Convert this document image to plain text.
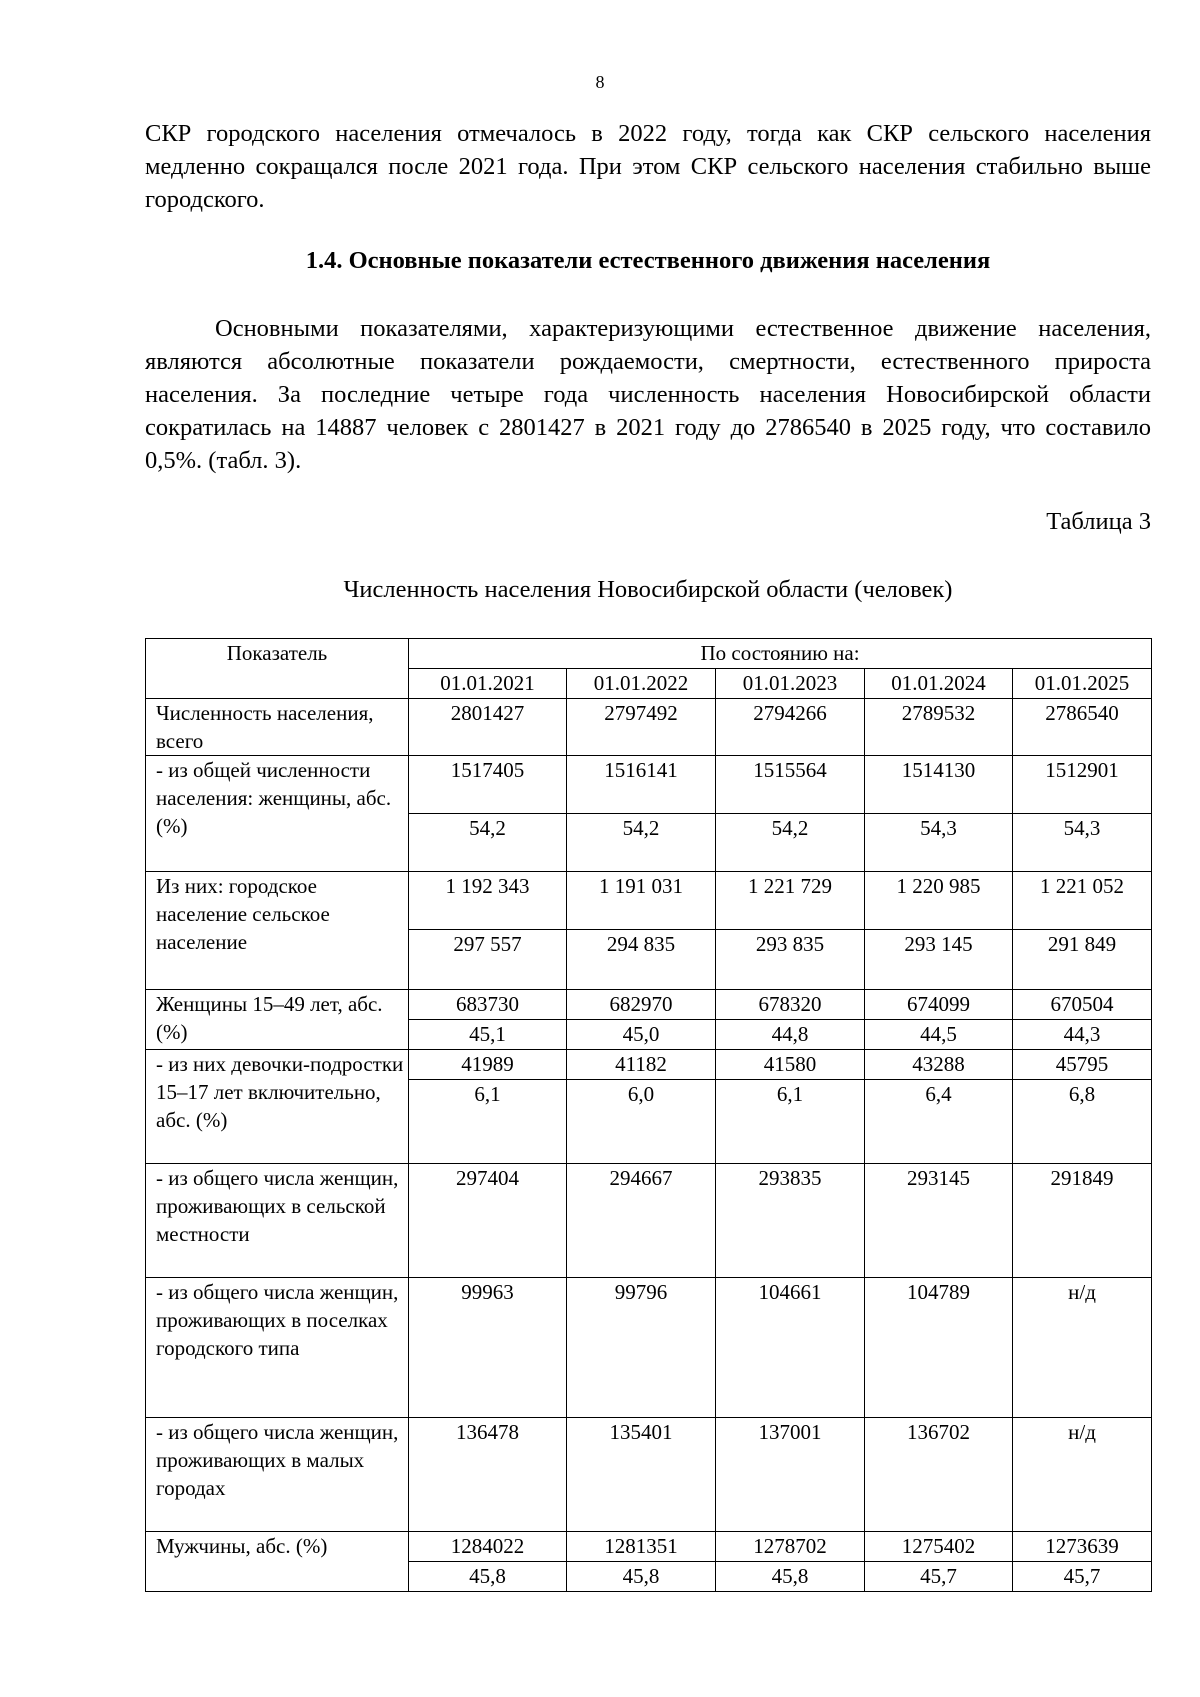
8
СКР городского населения отмечалось в 2022 году, тогда как СКР сельского населения медленно сокращался после 2021 года. При этом СКР сельского населения стабильно выше городского.
1.4. Основные показатели естественного движения населения
Основными показателями, характеризующими естественное движение населения, являются абсолютные показатели рождаемости, смертности, естественного прироста населения. За последние четыре года численность населения Новосибирской области сократилась на 14887 человек с 2801427 в 2021 году до 2786540 в 2025 году, что составило 0,5%. (табл. 3).
Таблица 3
Численность населения Новосибирской области (человек)
Показатель	По состоянию на:				
	01.01.2021	01.01.2022	01.01.2023	01.01.2024	01.01.2025
Численность населения, всего	2801427	2797492	2794266	2789532	2786540
- из общей численности населения: женщины, абс. (%)	1517405	1516141	1515564	1514130	1512901
	54,2	54,2	54,2	54,3	54,3
Из них: городское население сельское население	1 192 343	1 191 031	1 221 729	1 220 985	1 221 052
	297 557	294 835	293 835	293 145	291 849
Женщины 15–49 лет, абс. (%)	683730	682970	678320	674099	670504
	45,1	45,0	44,8	44,5	44,3
- из них девочки-подростки 15–17 лет включительно, абс. (%)	41989	41182	41580	43288	45795
	6,1	6,0	6,1	6,4	6,8
- из общего числа женщин, проживающих в сельской местности	297404	294667	293835	293145	291849
- из общего числа женщин, проживающих в поселках городского типа	99963	99796	104661	104789	н/д
- из общего числа женщин, проживающих в малых городах	136478	135401	137001	136702	н/д
Мужчины, абс. (%)	1284022	1281351	1278702	1275402	1273639
	45,8	45,8	45,8	45,7	45,7
